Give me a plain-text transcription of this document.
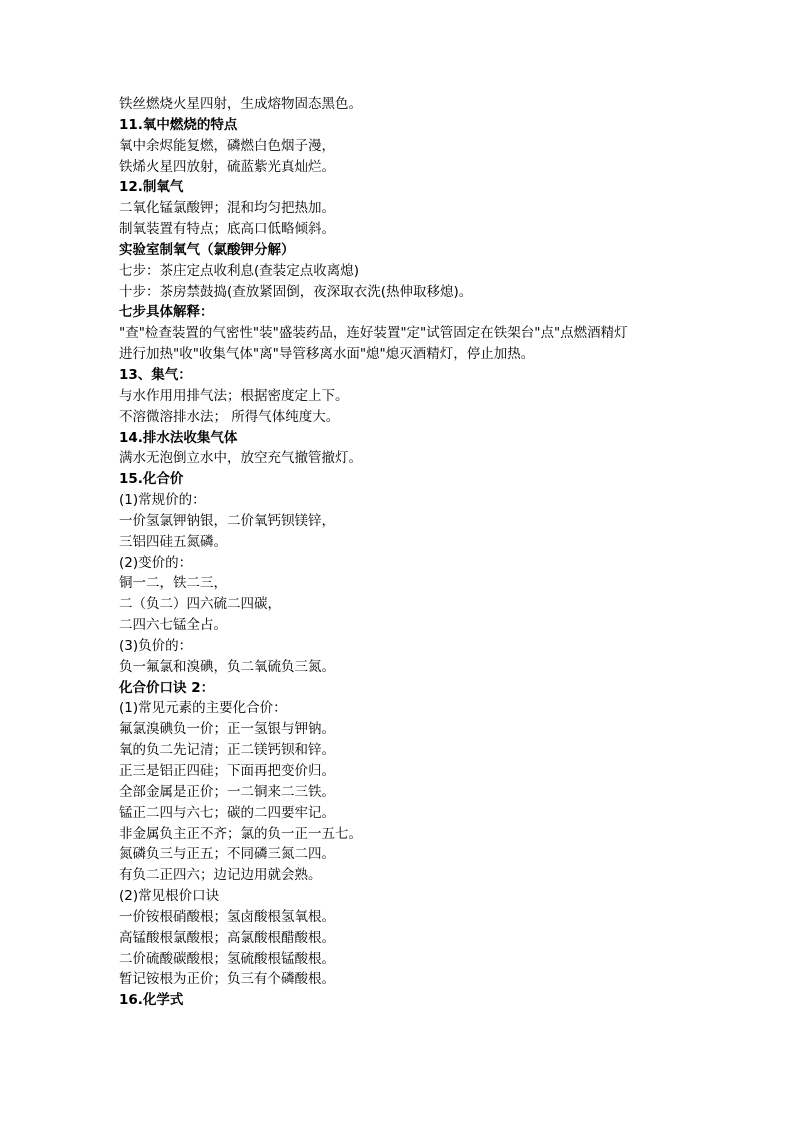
铁丝燃烧火星四射，生成熔物固态黑色。
11.氧中燃烧的特点
氧中余烬能复燃，磷燃白色烟子漫，
铁烯火星四放射，硫蓝紫光真灿烂。
12.制氧气
二氧化锰氯酸钾；混和均匀把热加。
制氧装置有特点；底高口低略倾斜。
实验室制氧气（氯酸钾分解）
七步：茶庄定点收利息(查装定点收离熄)
十步：茶房禁鼓捣(查放紧固倒，夜深取衣洗(热伸取移熄)。
七步具体解释：
"查"检查装置的气密性"装"盛装药品，连好装置"定"试管固定在铁架台"点"点燃酒精灯
进行加热"收"收集气体"离"导管移离水面"熄"熄灭酒精灯，停止加热。
13、集气：
与水作用用排气法；根据密度定上下。
不溶微溶排水法； 所得气体纯度大。
14.排水法收集气体
满水无泡倒立水中，放空充气撤管撤灯。
15.化合价
(1)常规价的：
一价氢氯钾钠银，二价氧钙钡镁锌，
三铝四硅五氮磷。
(2)变价的：
铜一二，铁二三，
二（负二）四六硫二四碳，
二四六七锰全占。
(3)负价的：
负一氟氯和溴碘，负二氧硫负三氮。
化合价口诀 2：
(1)常见元素的主要化合价：
氟氯溴碘负一价；正一氢银与钾钠。
氧的负二先记清；正二镁钙钡和锌。
正三是铝正四硅；下面再把变价归。
全部金属是正价；一二铜来二三铁。
锰正二四与六七；碳的二四要牢记。
非金属负主正不齐；氯的负一正一五七。
氮磷负三与正五；不同磷三氮二四。
有负二正四六；边记边用就会熟。
(2)常见根价口诀
一价铵根硝酸根；氢卤酸根氢氧根。
高锰酸根氯酸根；高氯酸根醋酸根。
二价硫酸碳酸根；氢硫酸根锰酸根。
暂记铵根为正价；负三有个磷酸根。
16.化学式
